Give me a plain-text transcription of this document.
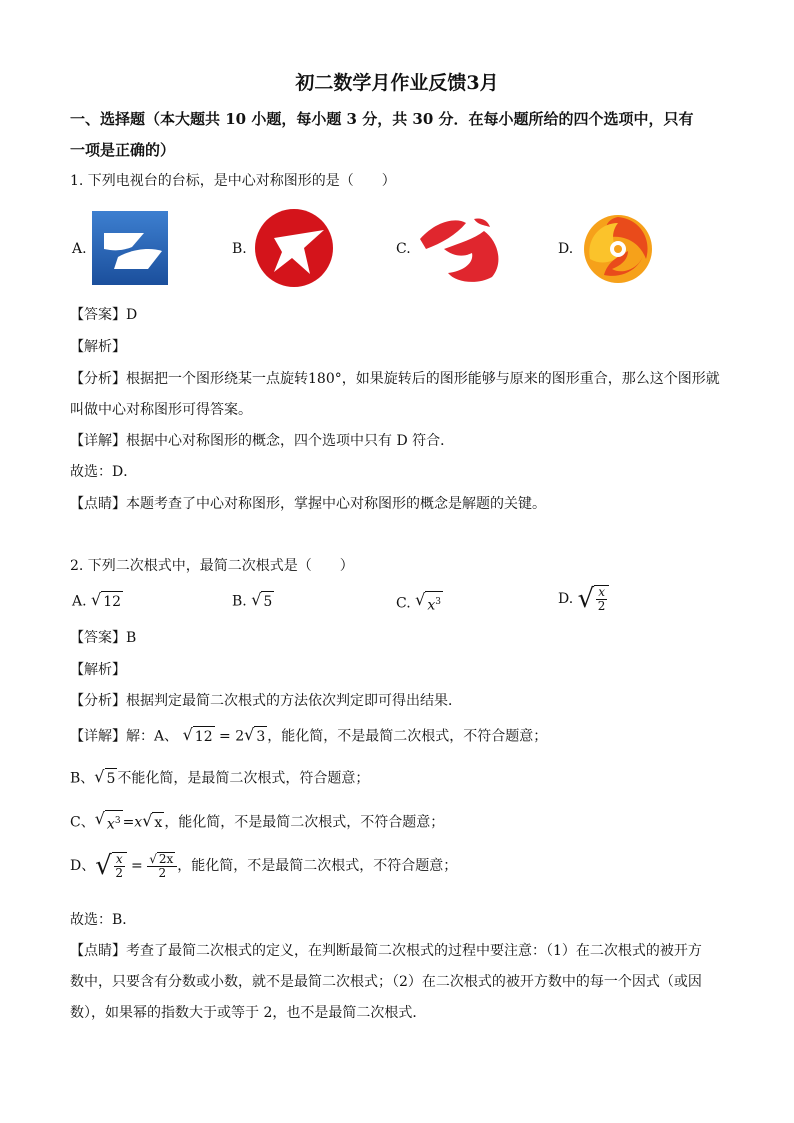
初二数学月作业反馈3月
一、选择题（本大题共 10 小题，每小题 3 分，共 30 分．在每小题所给的四个选项中，只有
一项是正确的）
1. 下列电视台的台标，是中心对称图形的是（　　）
A.	B.	C.	D.
【答案】D
【解析】
【分析】根据把一个图形绕某一点旋转180°，如果旋转后的图形能够与原来的图形重合，那么这个图形就
叫做中心对称图形可得答案。
【详解】根据中心对称图形的概念，四个选项中只有 D 符合．
故选：D．
【点睛】本题考查了中心对称图形，掌握中心对称图形的概念是解题的关键。
2. 下列二次根式中，最简二次根式是（　　）
A. √ 12	B. √ 5	C. √ $x^3$	D. √ $\frac{x}{2}$
【答案】B
【解析】
【分析】根据判定最简二次根式的方法依次判定即可得出结果．
【详解】解：A、 √ 12 = 2 √ 3 ，能化简，不是最简二次根式，不符合题意；
B、 √ 5 不能化简，是最简二次根式，符合题意；
C、 √ $x^3 =x$ √ x ，能化简，不是最简二次根式，不符合题意；
D、 √ $\frac{x}{2} = \frac{√ 2x}{2}$ ，能化简，不是最简二次根式，不符合题意；
故选：B．
【点睛】考查了最简二次根式的定义，在判断最简二次根式的过程中要注意：（1）在二次根式的被开方
数中，只要含有分数或小数，就不是最简二次根式；（2）在二次根式的被开方数中的每一个因式（或因
数），如果幂的指数大于或等于 2，也不是最简二次根式．
